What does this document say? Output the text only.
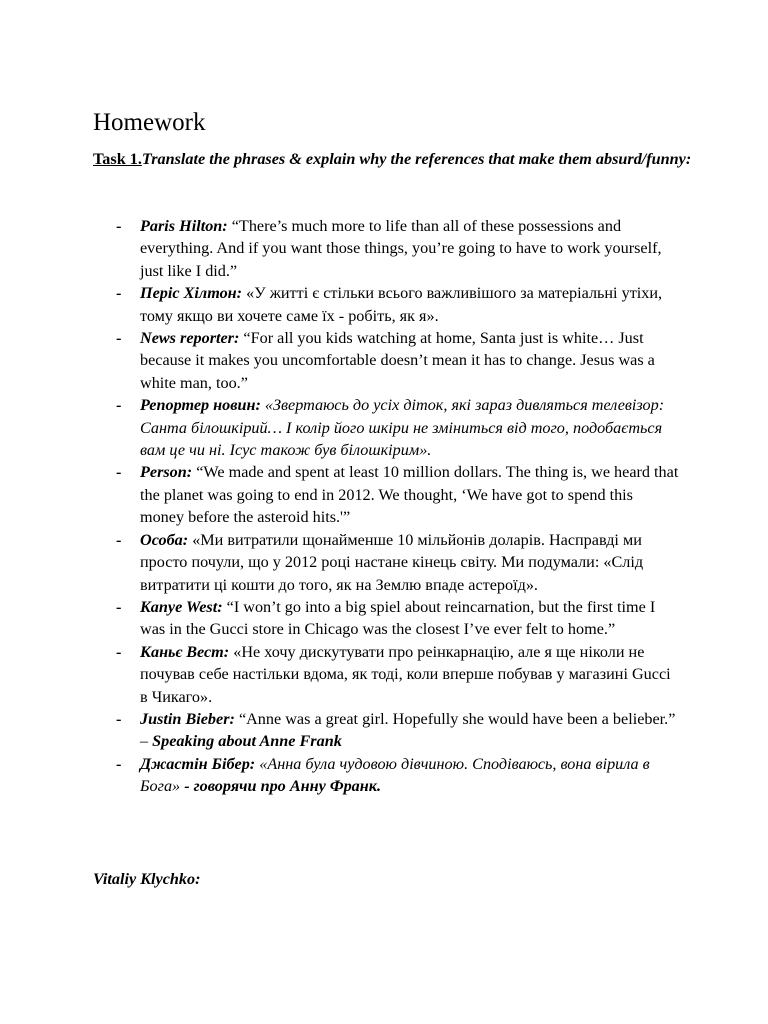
Homework

Task 1.Translate the phrases & explain why the references that make them absurd/funny:

- Paris Hilton: “There’s much more to life than all of these possessions and everything. And if you want those things, you’re going to have to work yourself, just like I did.”
- Періс Хілтон: «У житті є стільки всього важливішого за матеріальні утіхи, тому якщо ви хочете саме їх - робіть, як я».
- News reporter: “For all you kids watching at home, Santa just is white… Just because it makes you uncomfortable doesn’t mean it has to change. Jesus was a white man, too.”
- Репортер новин: «Звертаюсь до усіх діток, які зараз дивляться телевізор: Санта білошкірий… І колір його шкіри не зміниться від того, подобається вам це чи ні. Ісус також був білошкірим».
- Person: “We made and spent at least 10 million dollars. The thing is, we heard that the planet was going to end in 2012. We thought, ‘We have got to spend this money before the asteroid hits.'”
- Особа: «Ми витратили щонайменше 10 мільйонів доларів. Насправді ми просто почули, що у 2012 році настане кінець світу. Ми подумали: «Слід витратити ці кошти до того, як на Землю впаде астероїд».
- Kanye West: “I won’t go into a big spiel about reincarnation, but the first time I was in the Gucci store in Chicago was the closest I’ve ever felt to home.”
- Каньє Вест: «Не хочу дискутувати про реінкарнацію, але я ще ніколи не почував себе настільки вдома, як тоді, коли вперше побував у магазині Gucci в Чикаго».
- Justin Bieber: “Anne was a great girl. Hopefully she would have been a belieber.” – Speaking about Anne Frank
- Джастін Бібер: «Анна була чудовою дівчиною. Сподіваюсь, вона вірила в Бога» - говорячи про Анну Франк.

Vitaliy Klychko:
